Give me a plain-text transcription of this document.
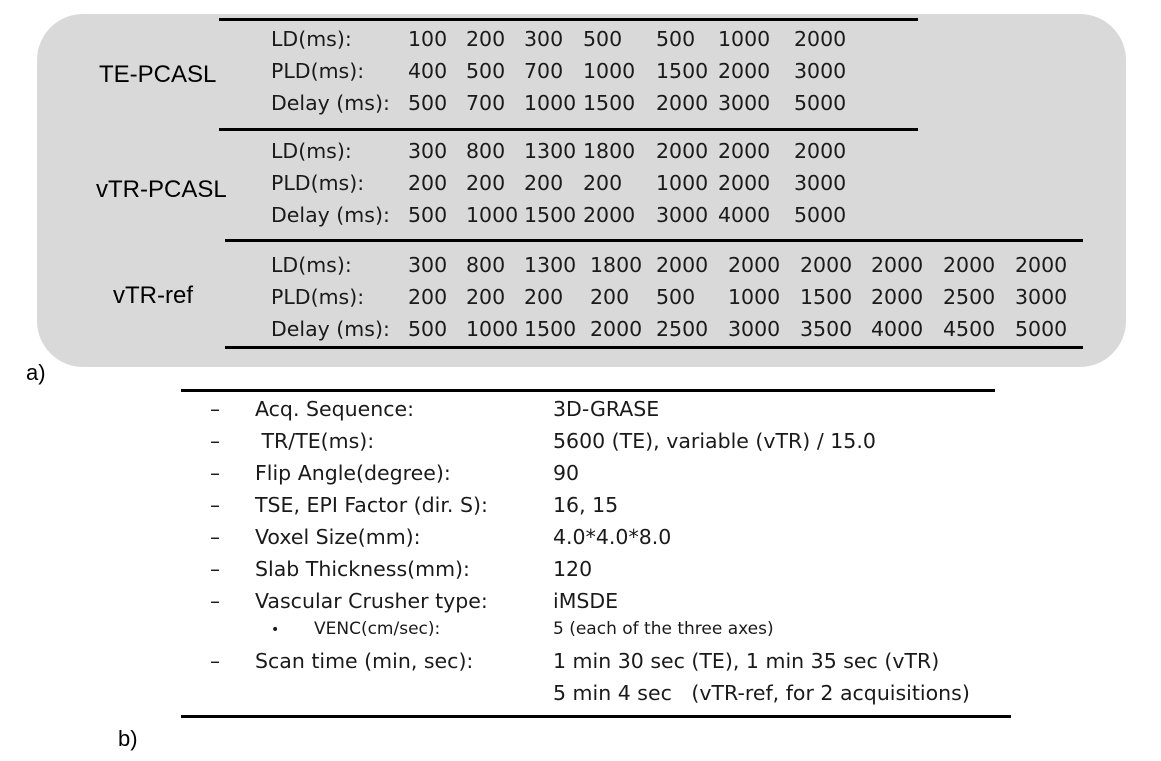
TE-PCASL
vTR-PCASL
vTR-ref
LD(ms):	100 200 300 500 500 1000 2000
PLD(ms): 400 500 700 1000 1500 2000 3000
Delay (ms): 500 700 1000 1500 2000 3000 5000
LD(ms):	300 800 1300 1800 2000 2000 2000
PLD(ms): 200 200 200 200 1000 2000 3000
Delay (ms): 500 1000 1500 2000 3000 4000 5000
LD(ms):	300 800 1300 1800 2000 2000 2000 2000 2000 2000
PLD(ms): 200 200 200 200 500 1000 1500 2000 2500 3000
Delay (ms): 500 1000 1500 2000 2500 3000 3500 4000 4500 5000
a)
– Acq. Sequence:	3D-GRASE
– TR/TE(ms):	5600 (TE), variable (vTR) / 15.0
– Flip Angle(degree):	90
– TSE, EPI Factor (dir. S):	16, 15
– Voxel Size(mm):	4.0*4.0*8.0
– Slab Thickness(mm):	120
– Vascular Crusher type:	iMSDE
• VENC(cm/sec):	5 (each of the three axes)
– Scan time (min, sec):	1 min 30 sec (TE), 1 min 35 sec (vTR)
5 min 4 sec   (vTR-ref, for 2 acquisitions)
b)
